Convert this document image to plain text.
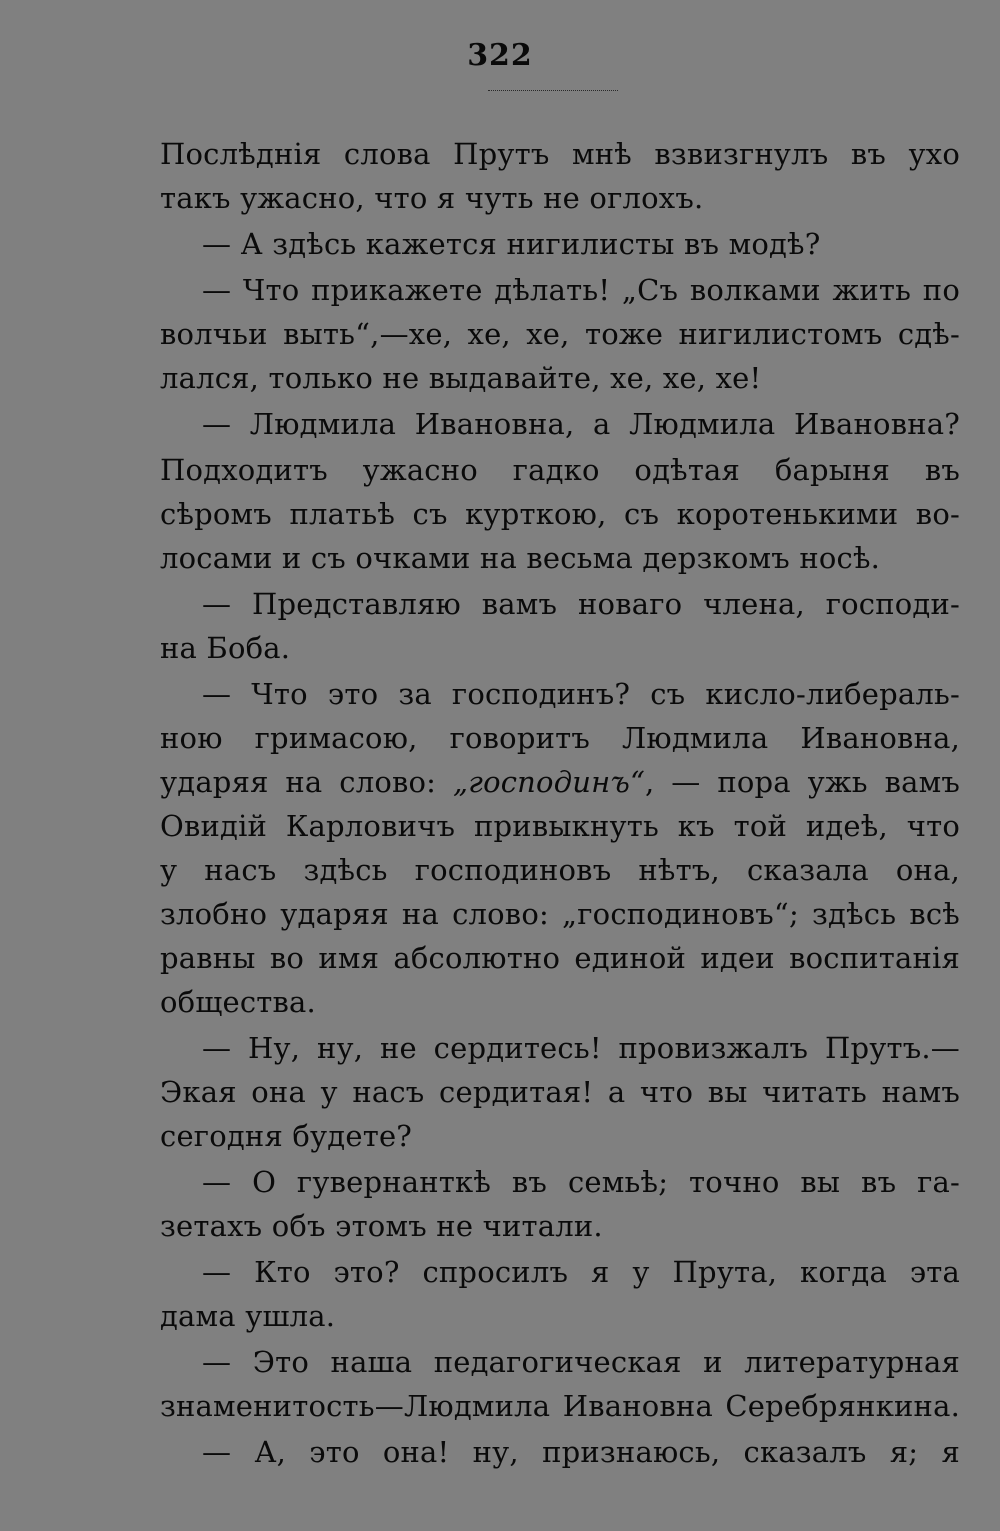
322
Послѣднія слова Прутъ мнѣ взвизгнулъ въ ухо
такъ ужасно, что я чуть не оглохъ.
— А здѣсь кажется нигилисты въ модѣ?
— Что прикажете дѣлать! „Съ волками жить по
волчьи выть“,—хе, хе, хе, тоже нигилистомъ сдѣ-
лался, только не выдавайте, хе, хе, хе!
— Людмила Ивановна, а Людмила Ивановна?
Подходитъ ужасно гадко одѣтая барыня въ
сѣромъ платьѣ съ курткою, съ коротенькими во-
лосами и съ очками на весьма дерзкомъ носѣ.
— Представляю вамъ новаго члена, господи-
на Боба.
— Что это за господинъ? съ кисло-либераль-
ною гримасою, говоритъ Людмила Ивановна,
ударяя на слово: „господинъ“, — пора ужь вамъ
Овидій Карловичъ привыкнуть къ той идеѣ, что
у насъ здѣсь господиновъ нѣтъ, сказала она,
злобно ударяя на слово: „господиновъ“; здѣсь всѣ
равны во имя абсолютно единой идеи воспитанія
общества.
— Ну, ну, не сердитесь! провизжалъ Прутъ.—
Экая она у насъ сердитая! а что вы читать намъ
сегодня будете?
— О гувернанткѣ въ семьѣ; точно вы въ га-
зетахъ объ этомъ не читали.
— Кто это? спросилъ я у Прута, когда эта
дама ушла.
— Это наша педагогическая и литературная
знаменитость—Людмила Ивановна Серебрянкина.
— А, это она! ну, признаюсь, сказалъ я; я
